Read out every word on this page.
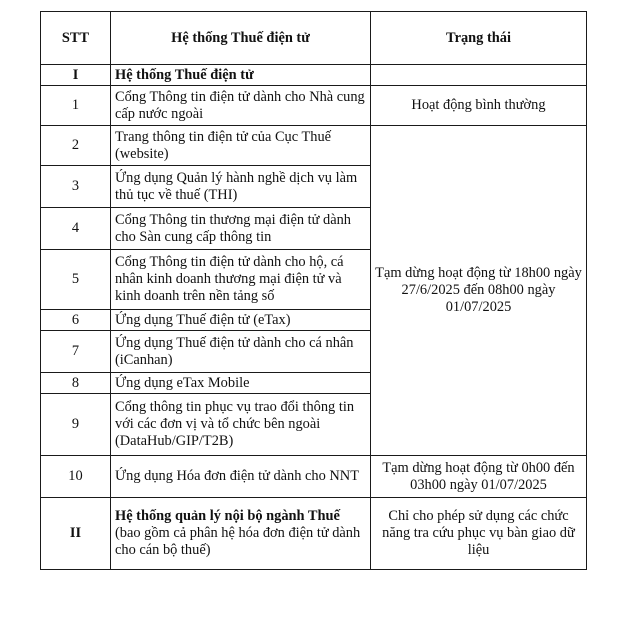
STT	Hệ thống Thuế điện tử	Trạng thái
I	Hệ thống Thuế điện tử	
1	Cổng Thông tin điện tử dành cho Nhà cung cấp nước ngoài	Hoạt động bình thường
2	Trang thông tin điện tử của Cục Thuế (website)	Tạm dừng hoạt động từ 18h00 ngày 27/6/2025 đến 08h00 ngày 01/07/2025
3	Ứng dụng Quản lý hành nghề dịch vụ làm thủ tục về thuế (THI)	
4	Cổng Thông tin thương mại điện tử dành cho Sàn cung cấp thông tin	
5	Cổng Thông tin điện tử dành cho hộ, cá nhân kinh doanh thương mại điện tử và kinh doanh trên nền tảng số	
6	Ứng dụng Thuế điện tử (eTax)	
7	Ứng dụng Thuế điện tử dành cho cá nhân (iCanhan)	
8	Ứng dụng eTax Mobile	
9	Cổng thông tin phục vụ trao đổi thông tin với các đơn vị và tổ chức bên ngoài (DataHub/GIP/T2B)	
10	Ứng dụng Hóa đơn điện tử dành cho NNT	Tạm dừng hoạt động từ 0h00 đến 03h00 ngày 01/07/2025
II	Hệ thống quản lý nội bộ ngành Thuế (bao gồm cả phân hệ hóa đơn điện tử dành cho cán bộ thuế)	Chỉ cho phép sử dụng các chức năng tra cứu phục vụ bàn giao dữ liệu
